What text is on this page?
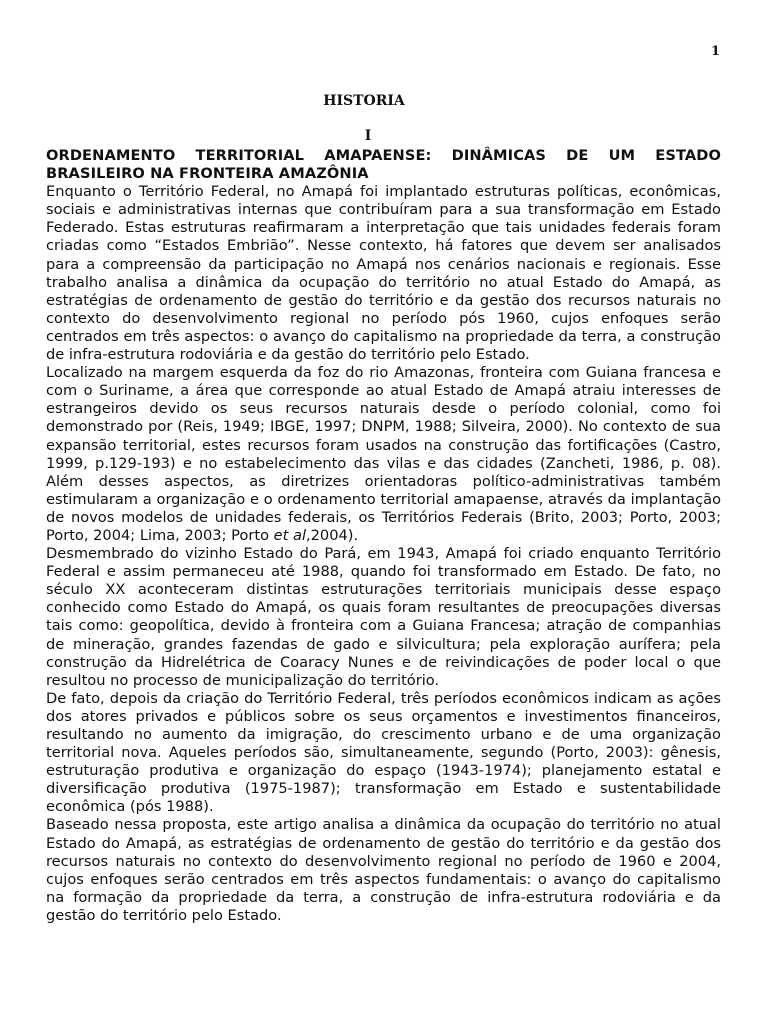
1
HISTORIA
I

ORDENAMENTO TERRITORIAL AMAPAENSE: DINÂMICAS DE UM ESTADO BRASILEIRO NA FRONTEIRA AMAZÔNIA

Enquanto o Território Federal, no Amapá foi implantado estruturas políticas, econômicas, sociais e administrativas internas que contribuíram para a sua transformação em Estado Federado. Estas estruturas reafirmaram a interpretação que tais unidades federais foram criadas como “Estados Embrião”. Nesse contexto, há fatores que devem ser analisados para a compreensão da participação no Amapá nos cenários nacionais e regionais. Esse trabalho analisa a dinâmica da ocupação do território no atual Estado do Amapá, as estratégias de ordenamento de gestão do território e da gestão dos recursos naturais no contexto do desenvolvimento regional no período pós 1960, cujos enfoques serão centrados em três aspectos: o avanço do capitalismo na propriedade da terra, a construção de infra-estrutura rodoviária e da gestão do território pelo Estado.

Localizado na margem esquerda da foz do rio Amazonas, fronteira com Guiana francesa e com o Suriname, a área que corresponde ao atual Estado de Amapá atraiu interesses de estrangeiros devido os seus recursos naturais desde o período colonial, como foi demonstrado por (Reis, 1949; IBGE, 1997; DNPM, 1988; Silveira, 2000). No contexto de sua expansão territorial, estes recursos foram usados na construção das fortificações (Castro, 1999, p.129-193) e no estabelecimento das vilas e das cidades (Zancheti, 1986, p. 08). Além desses aspectos, as diretrizes orientadoras político-administrativas também estimularam a organização e o ordenamento territorial amapaense, através da implantação de novos modelos de unidades federais, os Territórios Federais (Brito, 2003; Porto, 2003; Porto, 2004; Lima, 2003; Porto et al,2004).

Desmembrado do vizinho Estado do Pará, em 1943, Amapá foi criado enquanto Território Federal e assim permaneceu até 1988, quando foi transformado em Estado. De fato, no século XX aconteceram distintas estruturações territoriais municipais desse espaço conhecido como Estado do Amapá, os quais foram resultantes de preocupações diversas tais como: geopolítica, devido à fronteira com a Guiana Francesa; atração de companhias de mineração, grandes fazendas de gado e silvicultura; pela exploração aurífera; pela construção da Hidrelétrica de Coaracy Nunes e de reivindicações de poder local o que resultou no processo de municipalização do território.

De fato, depois da criação do Território Federal, três períodos econômicos indicam as ações dos atores privados e públicos sobre os seus orçamentos e investimentos financeiros, resultando no aumento da imigração, do crescimento urbano e de uma organização territorial nova. Aqueles períodos são, simultaneamente, segundo (Porto, 2003): gênesis, estruturação produtiva e organização do espaço (1943-1974); planejamento estatal e diversificação produtiva (1975-1987); transformação em Estado e sustentabilidade econômica (pós 1988).

Baseado nessa proposta, este artigo analisa a dinâmica da ocupação do território no atual Estado do Amapá, as estratégias de ordenamento de gestão do território e da gestão dos recursos naturais no contexto do desenvolvimento regional no período de 1960 e 2004, cujos enfoques serão centrados em três aspectos fundamentais: o avanço do capitalismo na formação da propriedade da terra, a construção de infra-estrutura rodoviária e da gestão do território pelo Estado.
